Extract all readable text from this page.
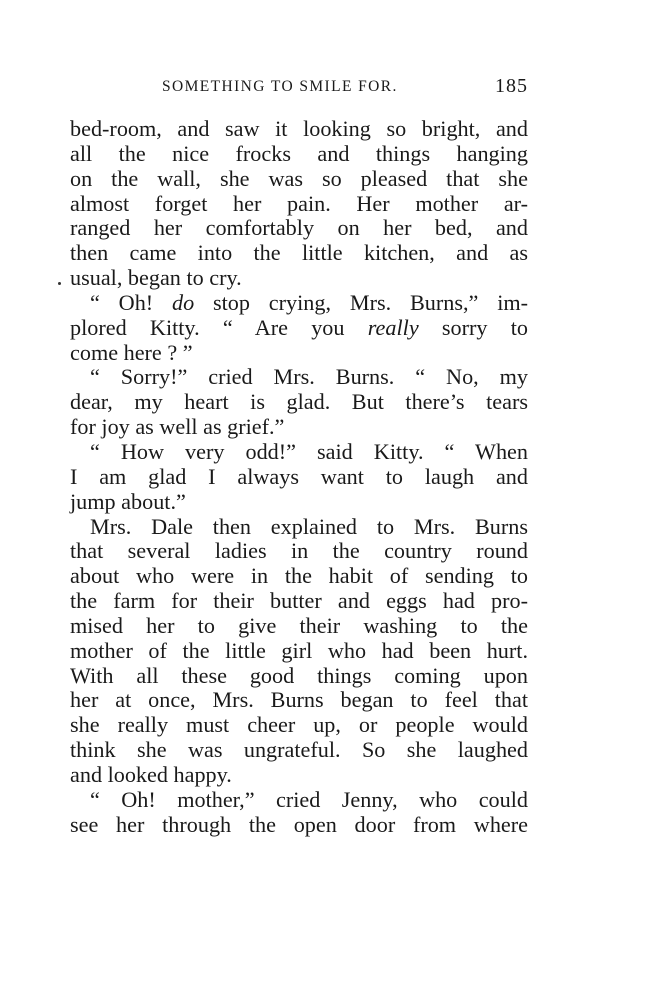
SOMETHING TO SMILE FOR.	185
bed-room, and saw it looking so bright, and
all the nice frocks and things hanging
on the wall, she was so pleased that she
almost forget her pain. Her mother ar-
ranged her comfortably on her bed, and
then came into the little kitchen, and as
usual, began to cry.
“ Oh! do stop crying, Mrs. Burns,” im-
plored Kitty. “ Are you really sorry to
come here ? ”
“ Sorry!” cried Mrs. Burns. “ No, my
dear, my heart is glad. But there’s tears
for joy as well as grief.”
“ How very odd!” said Kitty. “ When
I am glad I always want to laugh and
jump about.”
Mrs. Dale then explained to Mrs. Burns
that several ladies in the country round
about who were in the habit of sending to
the farm for their butter and eggs had pro-
mised her to give their washing to the
mother of the little girl who had been hurt.
With all these good things coming upon
her at once, Mrs. Burns began to feel that
she really must cheer up, or people would
think she was ungrateful. So she laughed
and looked happy.
“ Oh! mother,” cried Jenny, who could
see her through the open door from where
